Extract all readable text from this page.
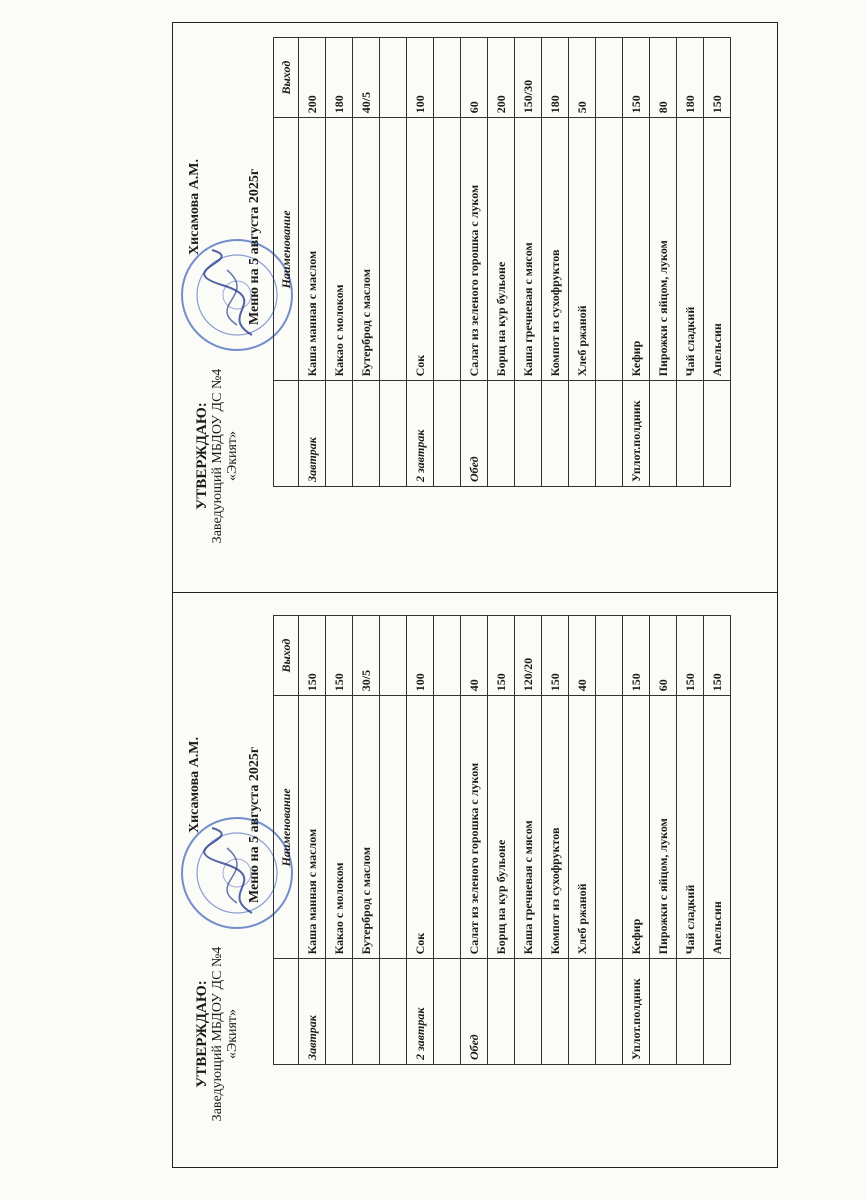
УТВЕРЖДАЮ: Заведующий МБДОУ ДС №4 «Экият»
Хисамова А.М.	Меню на 5 августа 2025г
	Наименование	Выход
Завтрак	Каша манная с маслом	200
	Какао с молоком	180
	Бутерброд с маслом	40/5

2 завтрак	Сок	100

Обед	Салат из зеленого горошка с луком	60
	Борщ на кур бульоне	200
	Каша гречневая с мясом	150/30
	Компот из сухофруктов	180
	Хлеб ржаной	50

Уплот.полдник	Кефир	150
	Пирожки с яйцом, луком	80
	Чай сладкий	180
	Апельсин	150
УТВЕРЖДАЮ: Заведующий МБДОУ ДС №4 «Экият»
Хисамова А.М.	Меню на 5 августа 2025г
	Наименование	Выход
Завтрак	Каша манная с маслом	150
	Какао с молоком	150
	Бутерброд с маслом	30/5

2 завтрак	Сок	100

Обед	Салат из зеленого горошка с луком	40
	Борщ на кур бульоне	150
	Каша гречневая с мясом	120/20
	Компот из сухофруктов	150
	Хлеб ржаной	40

Уплот.полдник	Кефир	150
	Пирожки с яйцом, луком	60
	Чай сладкий	150
	Апельсин	150
